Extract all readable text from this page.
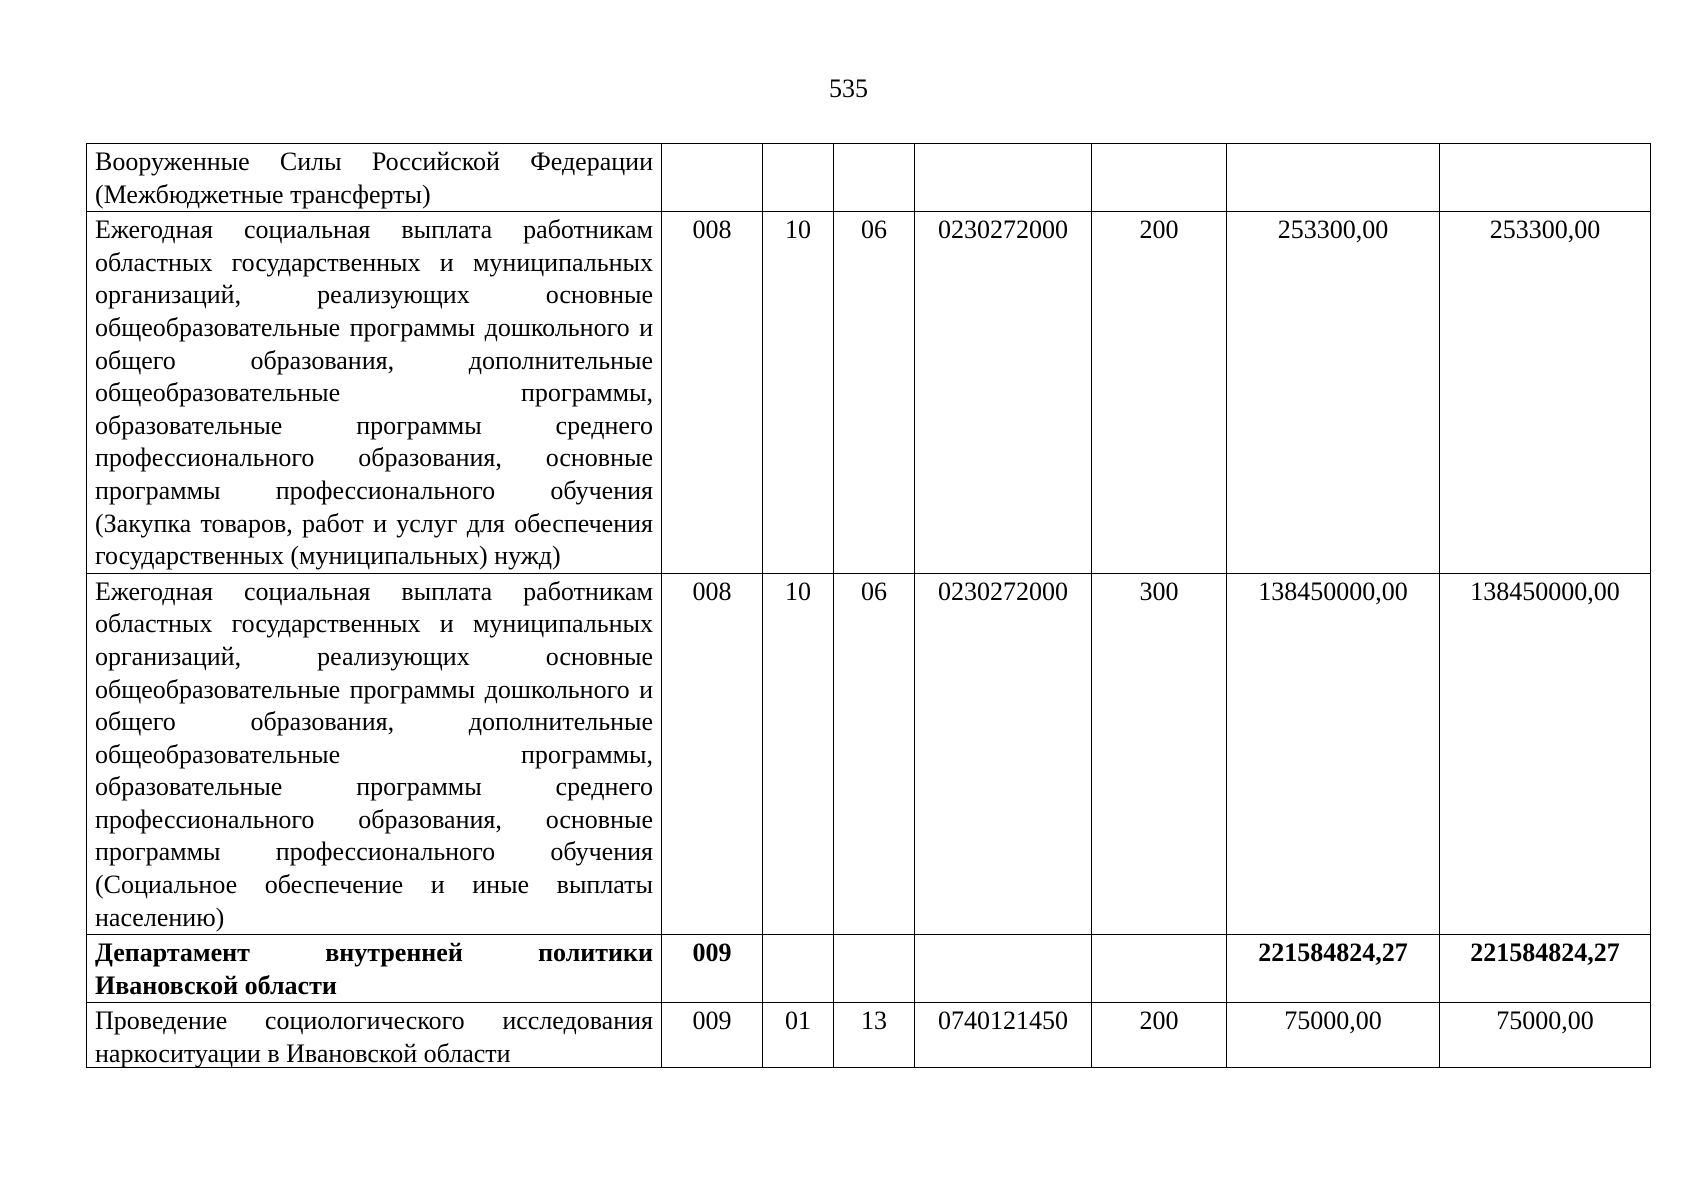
535
Вооруженные Силы Российской Федерации (Межбюджетные трансферты)							
Ежегодная социальная выплата работникам областных государственных и муниципальных организаций, реализующих основные общеобразовательные программы дошкольного и общего образования, дополнительные общеобразовательные программы, образовательные программы среднего профессионального образования, основные программы профессионального обучения (Закупка товаров, работ и услуг для обеспечения государственных (муниципальных) нужд)	008	10	06	0230272000	200	253300,00	253300,00
Ежегодная социальная выплата работникам областных государственных и муниципальных организаций, реализующих основные общеобразовательные программы дошкольного и общего образования, дополнительные общеобразовательные программы, образовательные программы среднего профессионального образования, основные программы профессионального обучения (Социальное обеспечение и иные выплаты населению)	008	10	06	0230272000	300	138450000,00	138450000,00
Департамент внутренней политики Ивановской области	009					221584824,27	221584824,27

Проведение социологического исследования наркоситуации в Ивановской области	009	01	13	0740121450	200	75000,00	75000,00
